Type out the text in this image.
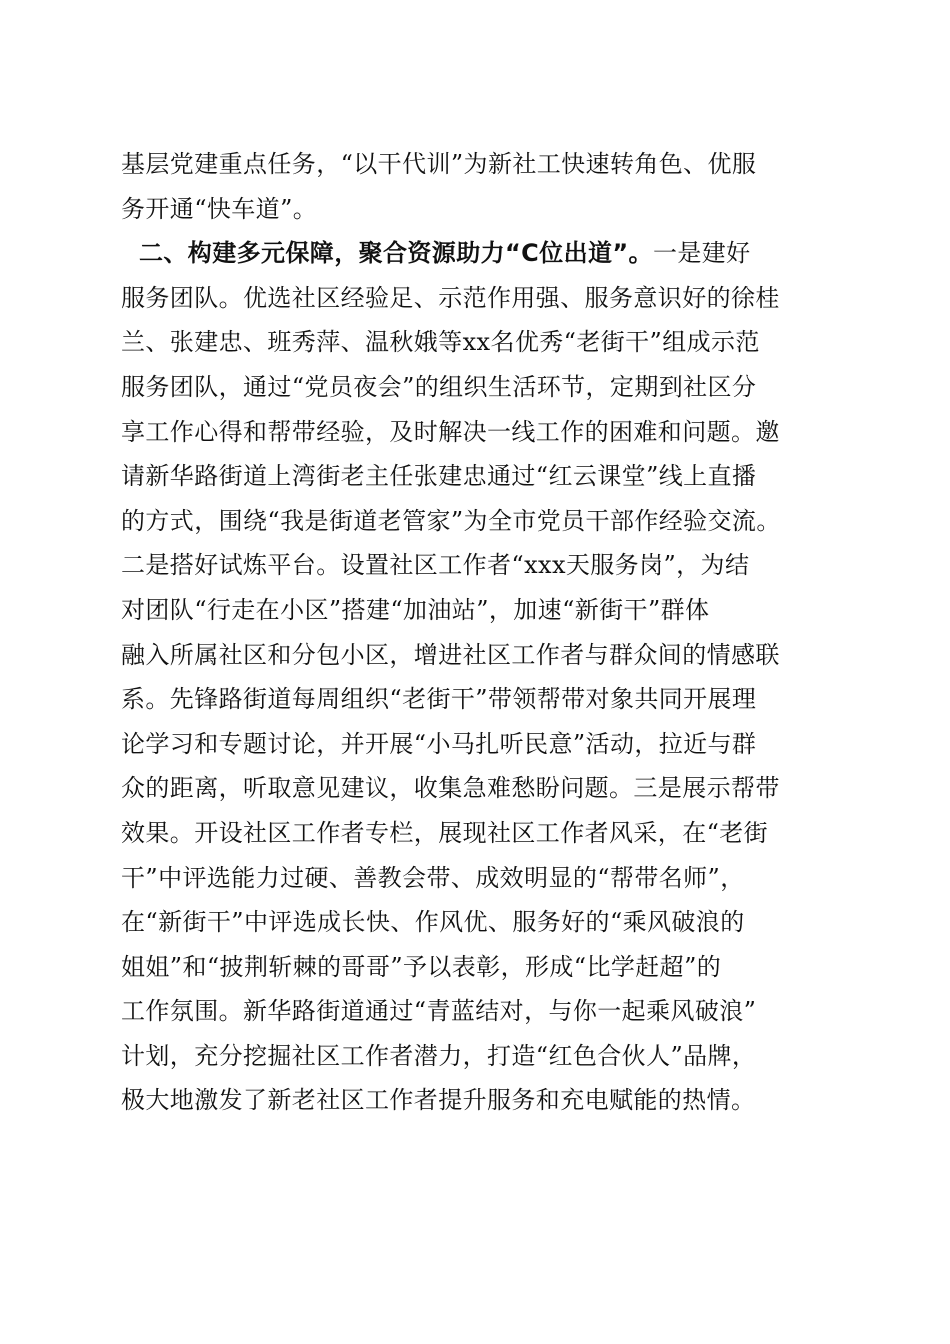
基层党建重点任务，“以干代训”为新社工快速转角色、优服
务开通“快车道”。
二、构建多元保障，聚合资源助力“C位出道”。一是建好
服务团队。优选社区经验足、示范作用强、服务意识好的徐桂
兰、张建忠、班秀萍、温秋娥等xx名优秀“老街干”组成示范
服务团队，通过“党员夜会”的组织生活环节，定期到社区分
享工作心得和帮带经验，及时解决一线工作的困难和问题。邀
请新华路街道上湾街老主任张建忠通过“红云课堂”线上直播
的方式，围绕“我是街道老管家”为全市党员干部作经验交流。
二是搭好试炼平台。设置社区工作者“xxx天服务岗”，为结
对团队“行走在小区”搭建“加油站”，加速“新街干”群体
融入所属社区和分包小区，增进社区工作者与群众间的情感联
系。先锋路街道每周组织“老街干”带领帮带对象共同开展理
论学习和专题讨论，并开展“小马扎听民意”活动，拉近与群
众的距离，听取意见建议，收集急难愁盼问题。三是展示帮带
效果。开设社区工作者专栏，展现社区工作者风采，在“老街
干”中评选能力过硬、善教会带、成效明显的“帮带名师”，
在“新街干”中评选成长快、作风优、服务好的“乘风破浪的
姐姐”和“披荆斩棘的哥哥”予以表彰，形成“比学赶超”的
工作氛围。新华路街道通过“青蓝结对，与你一起乘风破浪”
计划，充分挖掘社区工作者潜力，打造“红色合伙人”品牌，
极大地激发了新老社区工作者提升服务和充电赋能的热情。
